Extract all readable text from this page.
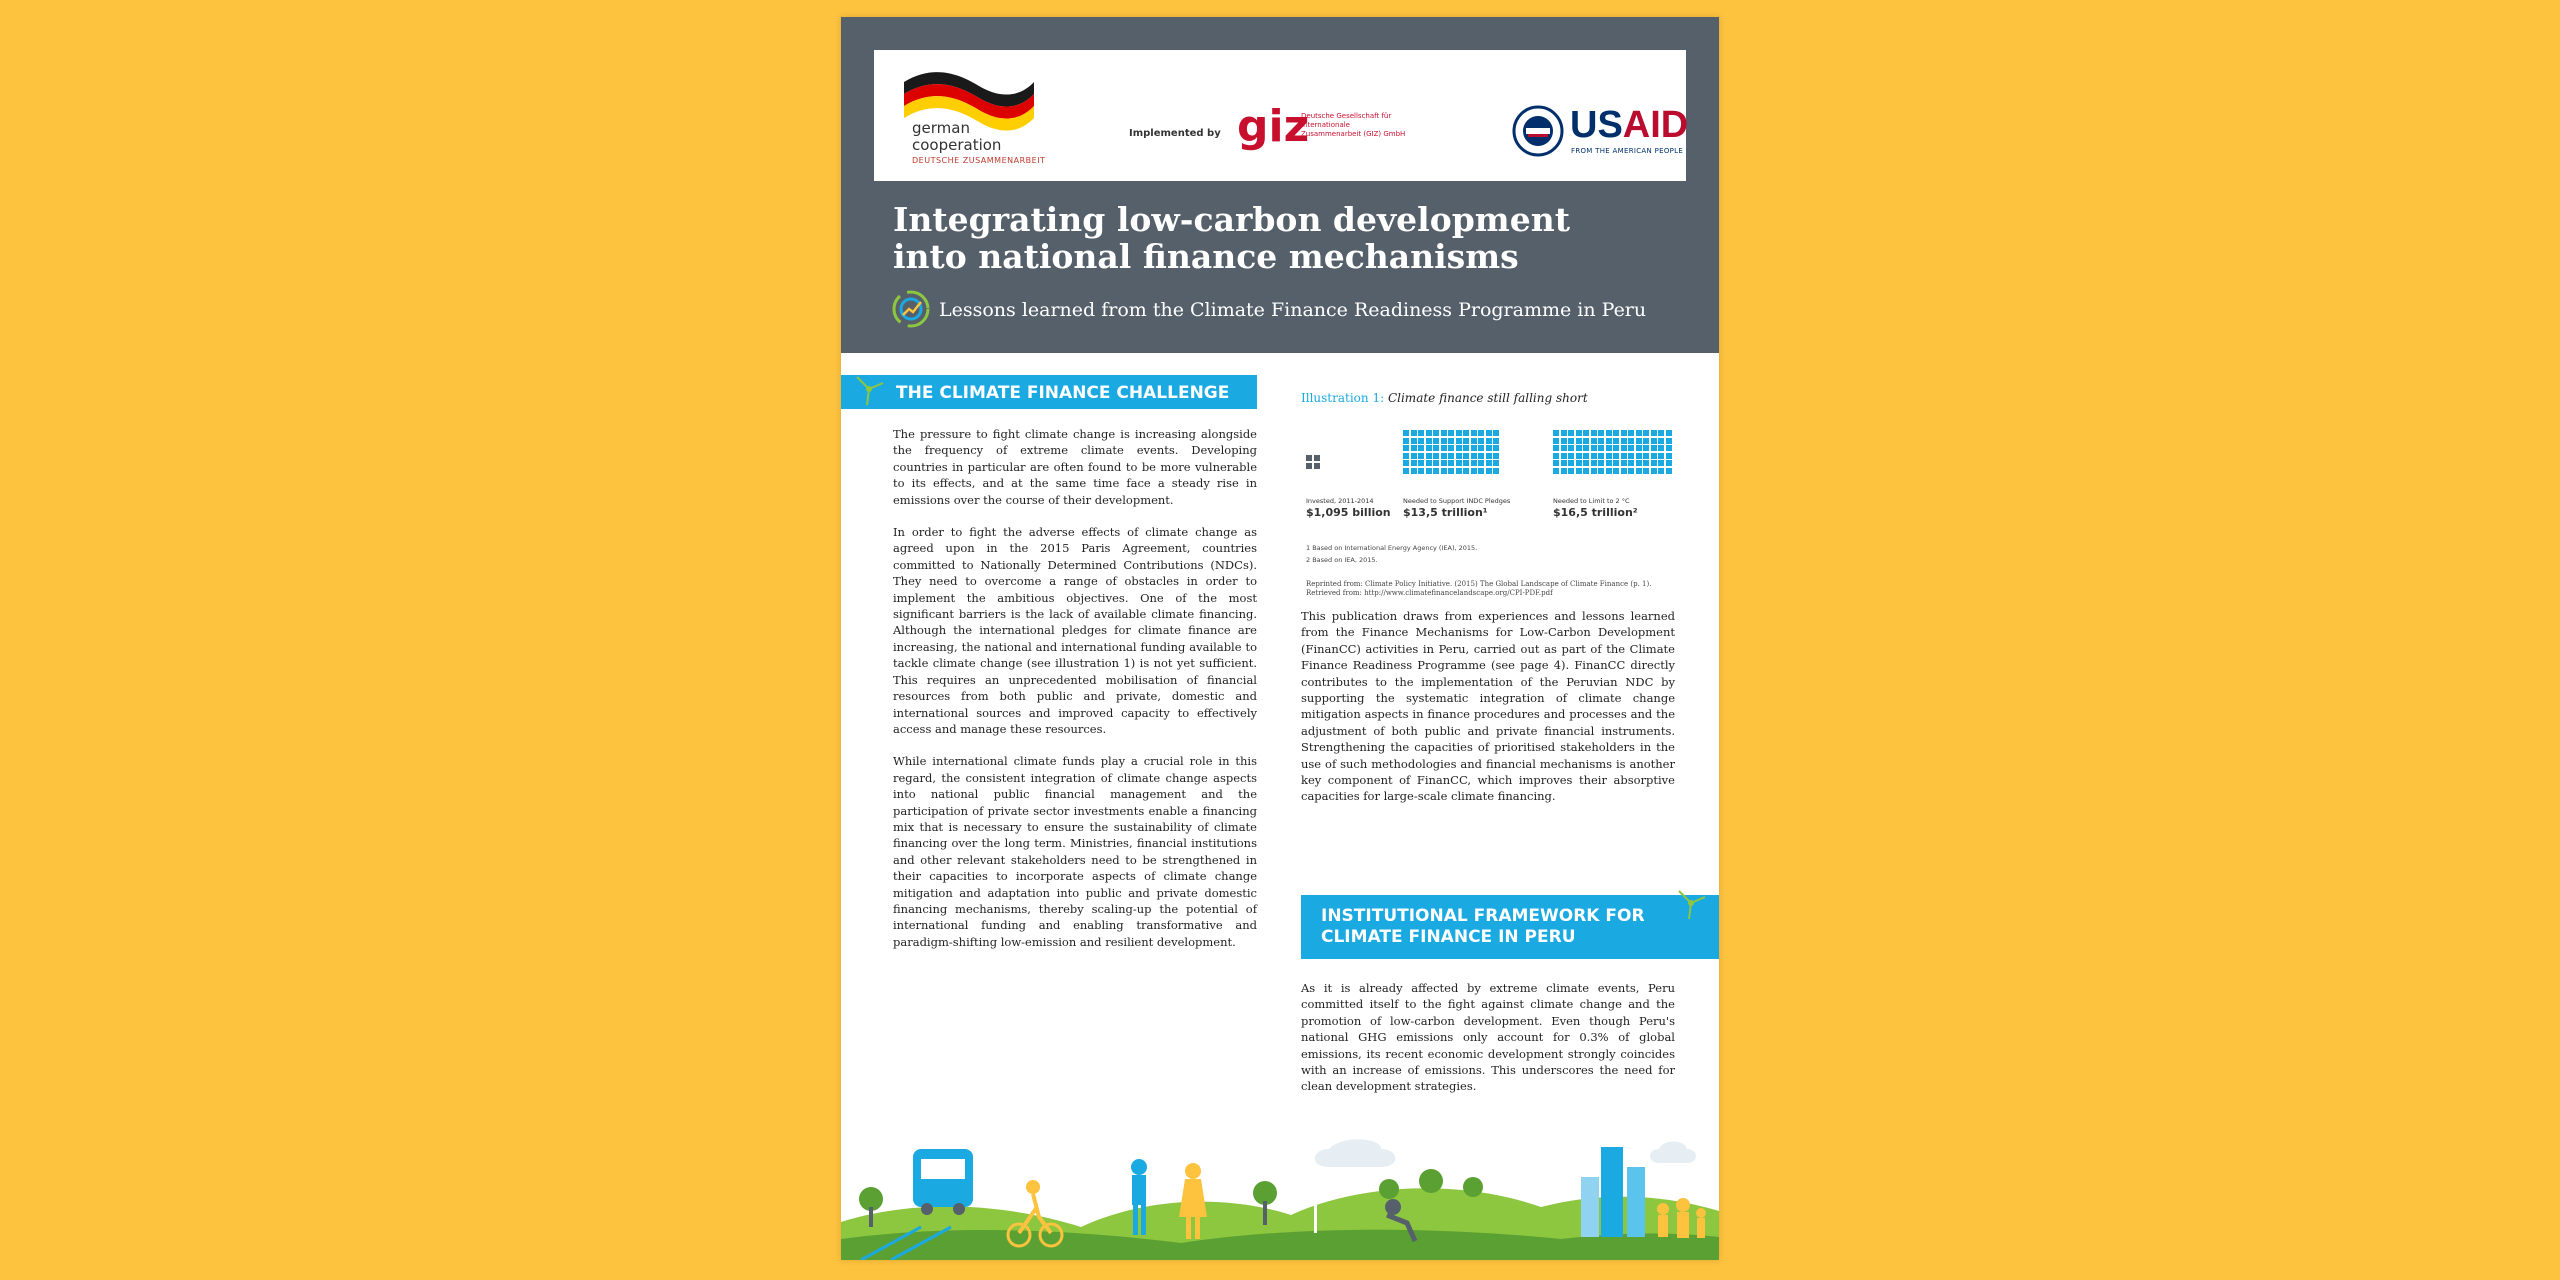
german
cooperation
DEUTSCHE ZUSAMMENARBEIT
Implemented by giz
Deutsche Gesellschaft für Internationale Zusammenarbeit (GIZ) GmbH	USAID
FROM THE AMERICAN PEOPLE
Integrating low-carbon development
into national finance mechanisms
Lessons learned from the Climate Finance Readiness Programme in Peru
THE CLIMATE FINANCE CHALLENGE

The pressure to fight climate change is increasing alongside the frequency of extreme climate events. Developing countries in particular are often found to be more vulnerable to its effects, and at the same time face a steady rise in emissions over the course of their development.

In order to fight the adverse effects of climate change as agreed upon in the 2015 Paris Agreement, countries committed to Nationally Determined Contributions (NDCs). They need to overcome a range of obstacles in order to implement the ambitious objectives. One of the most significant barriers is the lack of available climate financing. Although the international pledges for climate finance are increasing, the national and international funding available to tackle climate change (see illustration 1) is not yet sufficient. This requires an unprecedented mobilisation of financial resources from both public and private, domestic and international sources and improved capacity to effectively access and manage these resources.

While international climate funds play a crucial role in this regard, the consistent integration of climate change aspects into national public financial management and the participation of private sector investments enable a financing mix that is necessary to ensure the sustainability of climate financing over the long term. Ministries, financial institutions and other relevant stakeholders need to be strengthened in their capacities to incorporate aspects of climate change mitigation and adaptation into public and private domestic financing mechanisms, thereby scaling-up the potential of international funding and enabling transformative and paradigm-shifting low-emission and resilient development.

Illustration 1: Climate finance still falling short
Invested, 2011-2014
$1,095 billion
Needed to Support INDC Pledges
$13,5 trillion¹
Needed to Limit to 2 °C
$16,5 trillion²
1 Based on International Energy Agency (IEA), 2015.
2 Based on IEA, 2015.
Reprinted from: Climate Policy Initiative. (2015) The Global Landscape of Climate Finance (p. 1). Retrieved from: http://www.climatefinancelandscape.org/CPI-PDF.pdf

This publication draws from experiences and lessons learned from the Finance Mechanisms for Low-Carbon Development (FinanCC) activities in Peru, carried out as part of the Climate Finance Readiness Programme (see page 4). FinanCC directly contributes to the implementation of the Peruvian NDC by supporting the systematic integration of climate change mitigation aspects in finance procedures and processes and the adjustment of both public and private financial instruments. Strengthening the capacities of prioritised stakeholders in the use of such methodologies and financial mechanisms is another key component of FinanCC, which improves their absorptive capacities for large-scale climate financing.

INSTITUTIONAL FRAMEWORK FOR CLIMATE FINANCE IN PERU

As it is already affected by extreme climate events, Peru committed itself to the fight against climate change and the promotion of low-carbon development. Even though Peru's national GHG emissions only account for 0.3% of global emissions, its recent economic development strongly coincides with an increase of emissions. This underscores the need for clean development strategies.
